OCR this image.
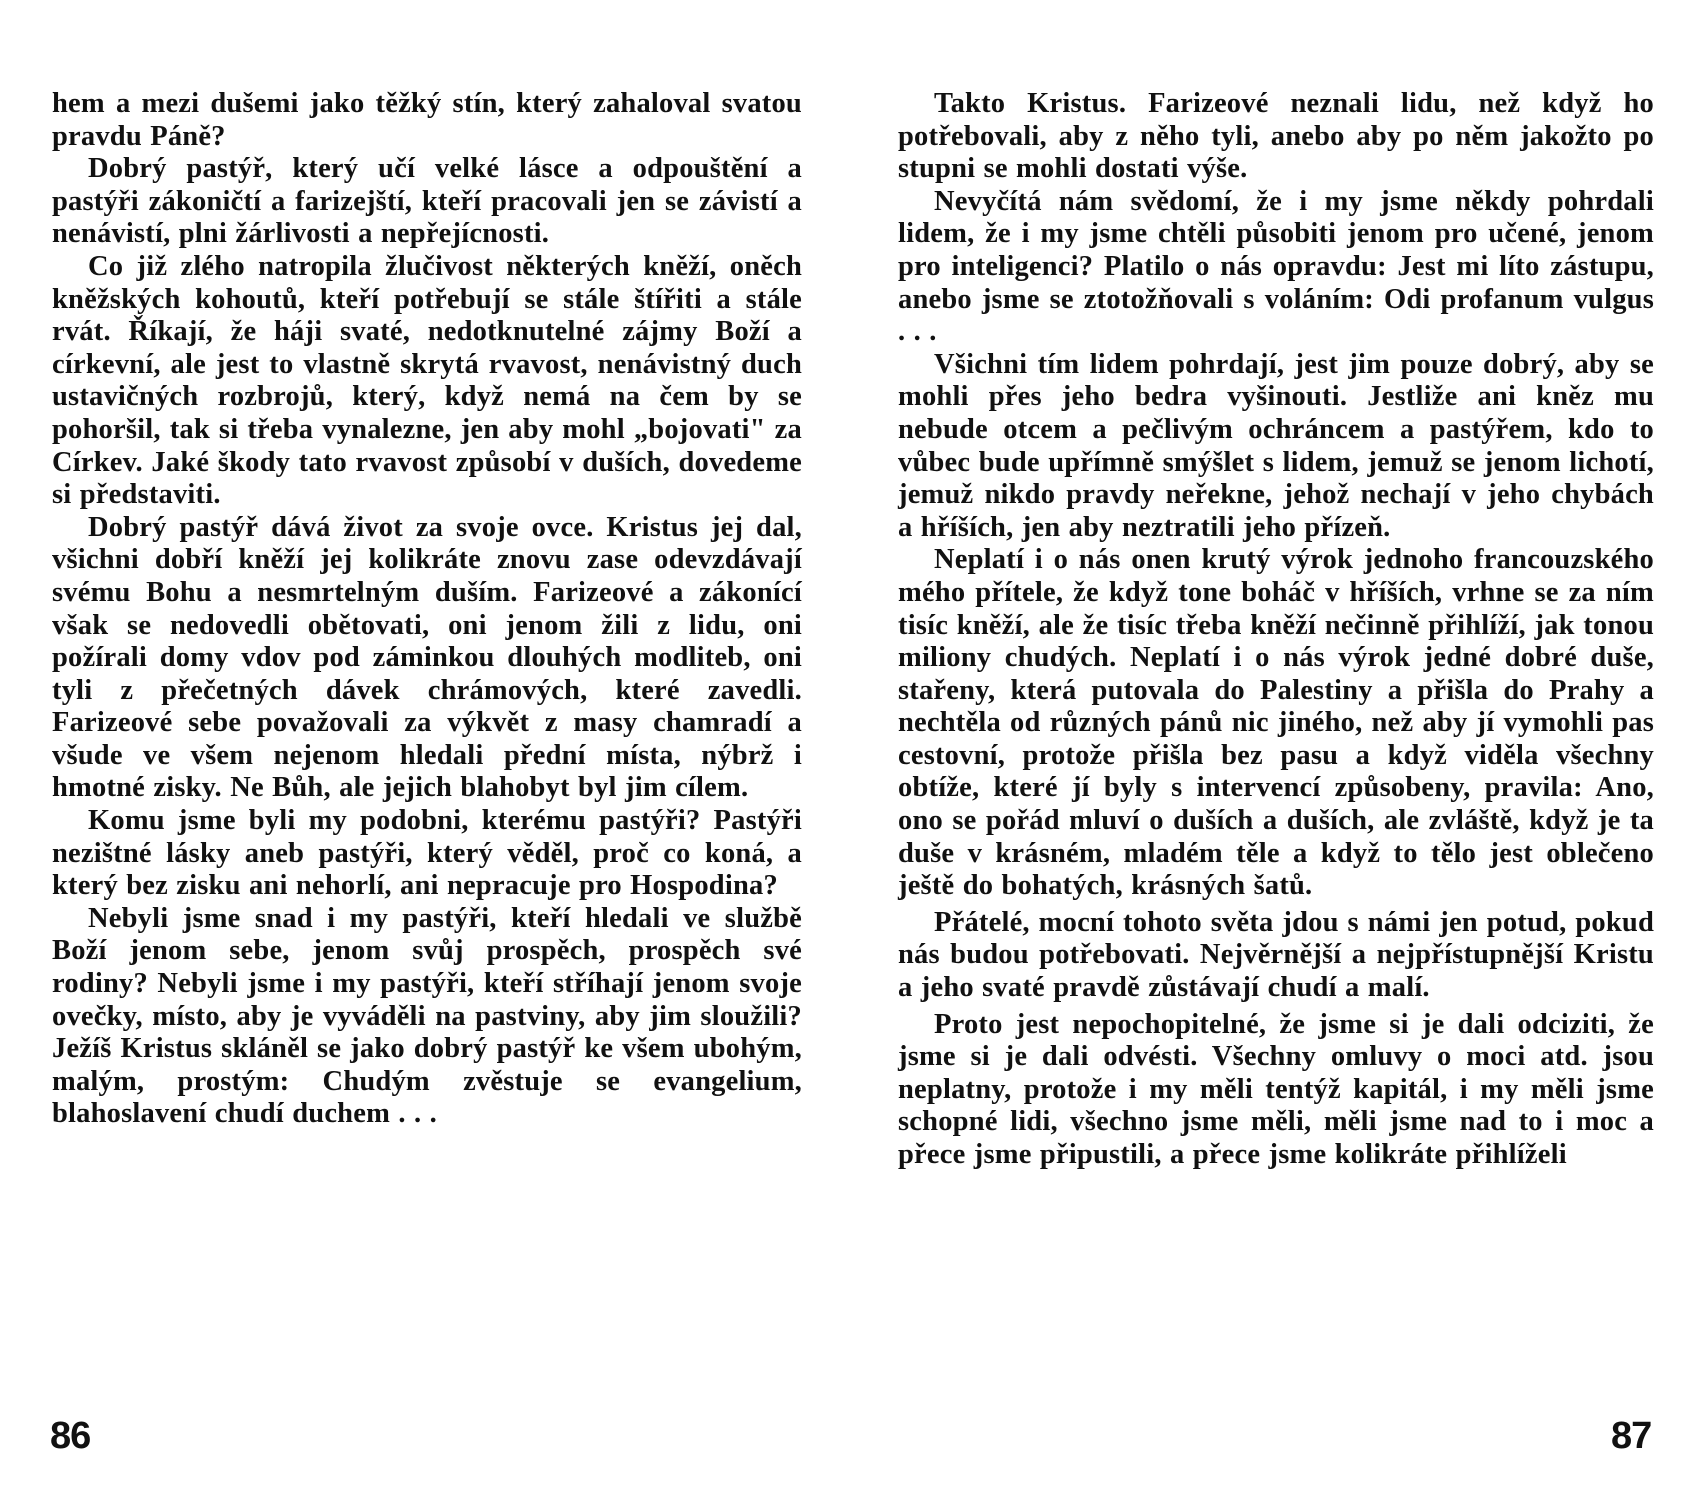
hem a mezi dušemi jako těžký stín, který zahaloval svatou pravdu Páně?

Dobrý pastýř, který učí velké lásce a odpouštění a pastýři zákoničtí a farizejští, kteří pracovali jen se závistí a nenávistí, plni žárlivosti a nepřejícnosti.

Co již zlého natropila žlučivost některých kněží, oněch kněžských kohoutů, kteří potřebují se stále štířiti a stále rvát. Říkají, že háji svaté, nedotknutelné zájmy Boží a církevní, ale jest to vlastně skrytá rvavost, nenávistný duch ustavičných rozbrojů, který, když nemá na čem by se pohoršil, tak si třeba vynalezne, jen aby mohl „bojovati" za Církev. Jaké škody tato rvavost způsobí v duších, dovedeme si představiti.

Dobrý pastýř dává život za svoje ovce. Kristus jej dal, všichni dobří kněží jej kolikráte znovu zase odevzdávají svému Bohu a nesmrtelným duším. Farizeové a zákonící však se nedovedli obětovati, oni jenom žili z lidu, oni požírali domy vdov pod záminkou dlouhých modliteb, oni tyli z přečetných dávek chrámových, které zavedli. Farizeové sebe považovali za výkvět z masy chamradí a všude ve všem nejenom hledali přední místa, nýbrž i hmotné zisky. Ne Bůh, ale jejich blahobyt byl jim cílem.

Komu jsme byli my podobni, kterému pastýři? Pastýři nezištné lásky aneb pastýři, který věděl, proč co koná, a který bez zisku ani nehorlí, ani nepracuje pro Hospodina?

Nebyli jsme snad i my pastýři, kteří hledali ve službě Boží jenom sebe, jenom svůj prospěch, prospěch své rodiny? Nebyli jsme i my pastýři, kteří stříhají jenom svoje ovečky, místo, aby je vyváděli na pastviny, aby jim sloužili? Ježíš Kristus skláněl se jako dobrý pastýř ke všem ubohým, malým, prostým: Chudým zvěstuje se evangelium, blahoslavení chudí duchem . . .

Takto Kristus. Farizeové neznali lidu, než když ho potřebovali, aby z něho tyli, anebo aby po něm jakožto po stupni se mohli dostati výše.

Nevyčítá nám svědomí, že i my jsme někdy pohrdali lidem, že i my jsme chtěli působiti jenom pro učené, jenom pro inteligenci? Platilo o nás opravdu: Jest mi líto zástupu, anebo jsme se ztotožňovali s voláním: Odi profanum vulgus . . .

Všichni tím lidem pohrdají, jest jim pouze dobrý, aby se mohli přes jeho bedra vyšinouti. Jestliže ani kněz mu nebude otcem a pečlivým ochráncem a pastýřem, kdo to vůbec bude upřímně smýšlet s lidem, jemuž se jenom lichotí, jemuž nikdo pravdy neřekne, jehož nechají v jeho chybách a hříších, jen aby neztratili jeho přízeň.

Neplatí i o nás onen krutý výrok jednoho francouzského mého přítele, že když tone boháč v hříších, vrhne se za ním tisíc kněží, ale že tisíc třeba kněží nečinně přihlíží, jak tonou miliony chudých. Neplatí i o nás výrok jedné dobré duše, stařeny, která putovala do Palestiny a přišla do Prahy a nechtěla od různých pánů nic jiného, než aby jí vymohli pas cestovní, protože přišla bez pasu a když viděla všechny obtíže, které jí byly s intervencí způsobeny, pravila: Ano, ono se pořád mluví o duších a duších, ale zvláště, když je ta duše v krásném, mladém těle a když to tělo jest oblečeno ještě do bohatých, krásných šatů.

Přátelé, mocní tohoto světa jdou s námi jen potud, pokud nás budou potřebovati. Nejvěrnější a nejpřístupnější Kristu a jeho svaté pravdě zůstávají chudí a malí.

Proto jest nepochopitelné, že jsme si je dali odciziti, že jsme si je dali odvésti. Všechny omluvy o moci atd. jsou neplatny, protože i my měli tentýž kapitál, i my měli jsme schopné lidi, všechno jsme měli, měli jsme nad to i moc a přece jsme připustili, a přece jsme kolikráte přihlíželi

86	87
